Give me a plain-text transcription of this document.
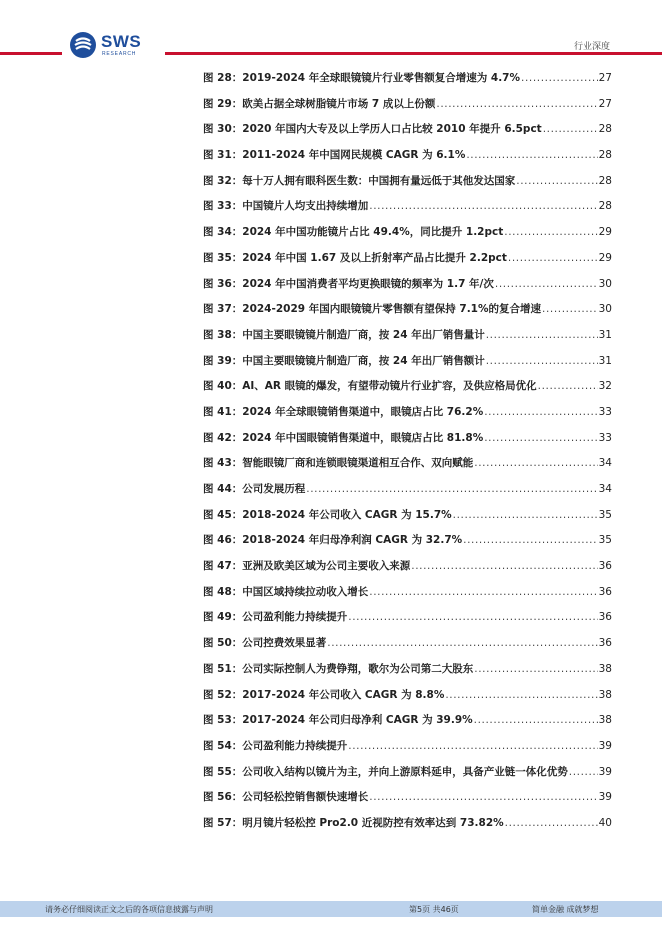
SWS
RESEARCH
行业深度
图 28：2019-2024 年全球眼镜镜片行业零售额复合增速为 4.7% .....	27
图 29：欧美占据全球树脂镜片市场 7 成以上份额 .....	27
图 30：2020 年国内大专及以上学历人口占比较 2010 年提升 6.5pct .....	28
图 31：2011-2024 年中国网民规模 CAGR 为 6.1% .....	28
图 32：每十万人拥有眼科医生数：中国拥有量远低于其他发达国家 .....	28
图 33：中国镜片人均支出持续增加 .....	28
图 34：2024 年中国功能镜片占比 49.4%，同比提升 1.2pct .....	29
图 35：2024 年中国 1.67 及以上折射率产品占比提升 2.2pct .....	29
图 36：2024 年中国消费者平均更换眼镜的频率为 1.7 年/次 .....	30
图 37：2024-2029 年国内眼镜镜片零售额有望保持 7.1%的复合增速 .....	30
图 38：中国主要眼镜镜片制造厂商，按 24 年出厂销售量计 .....	31
图 39：中国主要眼镜镜片制造厂商，按 24 年出厂销售额计 .....	31
图 40：AI、AR 眼镜的爆发，有望带动镜片行业扩容，及供应格局优化 .....	32
图 41：2024 年全球眼镜销售渠道中，眼镜店占比 76.2% .....	33
图 42：2024 年中国眼镜销售渠道中，眼镜店占比 81.8% .....	33
图 43：智能眼镜厂商和连锁眼镜渠道相互合作、双向赋能 .....	34
图 44：公司发展历程 .....	34
图 45：2018-2024 年公司收入 CAGR 为 15.7% .....	35
图 46：2018-2024 年归母净利润 CAGR 为 32.7% .....	35
图 47：亚洲及欧美区域为公司主要收入来源 .....	36
图 48：中国区域持续拉动收入增长 .....	36
图 49：公司盈利能力持续提升 .....	36
图 50：公司控费效果显著 .....	36
图 51：公司实际控制人为费铮翔，歌尔为公司第二大股东 .....	38
图 52：2017-2024 年公司收入 CAGR 为 8.8% .....	38
图 53：2017-2024 年公司归母净利 CAGR 为 39.9% .....	38
图 54：公司盈利能力持续提升 .....	39
图 55：公司收入结构以镜片为主，并向上游原料延申，具备产业链一体化优势 .....	39
图 56：公司轻松控销售额快速增长 .....	39
图 57：明月镜片轻松控 Pro2.0 近视防控有效率达到 73.82% .....	40
请务必仔细阅读正文之后的各项信息披露与声明	第5页 共46页	简单金融 成就梦想
